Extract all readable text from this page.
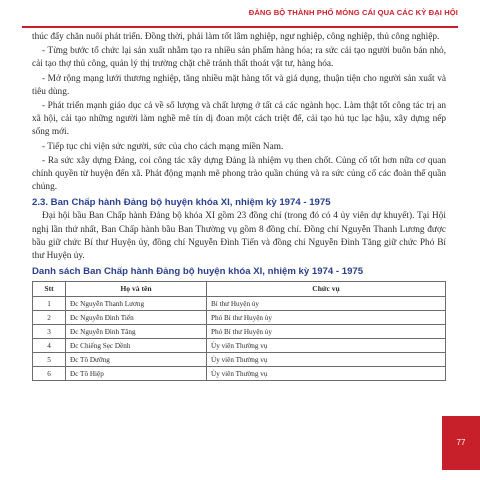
ĐẢNG BỘ THÀNH PHỐ MÓNG CÁI QUA CÁC KỲ ĐẠI HỘI

thúc đẩy chăn nuôi phát triển. Đồng thời, phải làm tốt lâm nghiệp, ngư nghiệp, công nghiệp, thủ công nghiệp.

- Từng bước tổ chức lại sản xuất nhằm tạo ra nhiều sản phẩm hàng hóa; ra sức cải tạo người buôn bán nhỏ, cải tạo thợ thủ công, quản lý thị trường chặt chẽ tránh thất thoát vật tư, hàng hóa.

- Mở rộng mạng lưới thương nghiệp, tăng nhiều mặt hàng tốt và giá dụng, thuận tiện cho người sản xuất và tiêu dùng.

- Phát triển mạnh giáo dục cả về số lượng và chất lượng ở tất cả các ngành học. Làm thật tốt công tác trị an xã hội, cải tạo những người làm nghề mê tín dị đoan một cách triệt để, cải tạo hủ tục lạc hậu, xây dựng nếp sống mới.

- Tiếp tục chi viện sức người, sức của cho cách mạng miền Nam.

- Ra sức xây dựng Đảng, coi công tác xây dựng Đảng là nhiệm vụ then chốt. Củng cố tốt hơn nữa cơ quan chính quyền từ huyện đến xã. Phát động mạnh mẽ phong trào quần chúng và ra sức củng cố các đoàn thể quần chúng.

2.3. Ban Chấp hành Đảng bộ huyện khóa XI, nhiệm kỳ 1974 - 1975

Đại hội bầu Ban Chấp hành Đảng bộ khóa XI gồm 23 đồng chí (trong đó có 4 ủy viên dự khuyết). Tại Hội nghị lần thứ nhất, Ban Chấp hành bầu Ban Thường vụ gồm 8 đồng chí. Đồng chí Nguyễn Thanh Lương được bầu giữ chức Bí thư Huyện ủy, đồng chí Nguyễn Đình Tiến và đồng chí Nguyễn Đình Tăng giữ chức Phó Bí thư Huyện ủy.

Danh sách Ban Chấp hành Đảng bộ huyện khóa XI, nhiệm kỳ 1974 - 1975
Stt	Họ và tên	Chức vụ
1	Đc Nguyễn Thanh Lương	Bí thư Huyện ủy
2	Đc Nguyễn Đình Tiến	Phó Bí thư Huyện ủy
3	Đc Nguyễn Đình Tăng	Phó Bí thư Huyện ủy
4	Đc Chiếng Sẹc Dềnh	Ủy viên Thường vụ
5	Đc Tô Dưỡng	Ủy viên Thường vụ
6	Đc Tô Hiệp	Ủy viên Thường vụ
77
